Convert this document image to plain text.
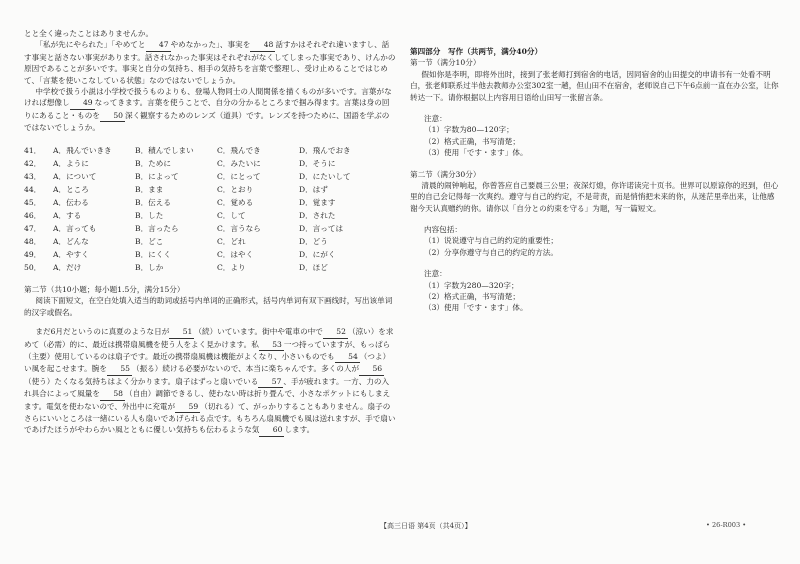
とと全く違ったことはありませんか。

「私が先にやられた」「やめてと 47 やめなかった」、事実を 48 話すかはそれぞれ違いますし、話す事実と話さない事実があります。話されなかった事実はそれぞれがなくしてしまった事実であり、けんかの原因であることが多いです。事実と自分の気持ち、相手の気持ちを言葉で整理し、受け止めることではじめて、「言葉を使いこなしている状態」なのではないでしょうか。

中学校で扱う小説は小学校で扱うものよりも、登場人物同士の人間関係を描くものが多いです。言葉がなければ想像し 49 なってきます。言葉を使うことで、自分の分かるところまで掴み得ます。言葉は身の回りにあること・ものを 50 深く観察するためのレンズ（道具）です。レンズを持つために、国語を学ぶのではないでしょうか。

41．	A．飛んでいきき	B．積んでしまい	C．飛んでき	D．飛んでおき
42．	A．ように	B．ために	C．みたいに	D．そうに
43．	A．について	B．によって	C．にとって	D．にたいして
44．	A．ところ	B．まま	C．とおり	D．はず
45．	A．伝わる	B．伝える	C．覚める	D．覚ます
46．	A．する	B．した	C．して	D．された
47．	A．言っても	B．言ったら	C．言うなら	D．言っては
48．	A．どんな	B．どこ	C．どれ	D．どう
49．	A．やすく	B．にくく	C．はやく	D．にがく
50．	A．だけ	B．しか	C．より	D．ほど

第二节（共10小题；每小题1.5分，满分15分）

阅读下面短文，在空白处填入适当的助词或括号内单词的正确形式，括号内单词有双下画线时，写出该单词的汉字或假名。

まだ6月だというのに真夏のような日が 51 （続）いています。街中や電車の中で 52 （涼い）を求めて（必需）的に、最近は携帯扇風機を使う人をよく見かけます。私 53 一つ持っていますが、もっぱら（主要）使用しているのは扇子です。最近の携帯扇風機は機能がよくなり、小さいものでも 54 （つよ）い風を起こせます。腕を 55 （振る）続ける必要がないので、本当に楽ちゃんです。多くの人が 56（使う）たくなる気持ちはよく分かります。扇子はずっと扇いでいる 57 、手が疲れます。一方、力の入れ具合によって風量を 58 （自由）調節できるし、使わない時は折り畳んで、小さなポケットにもしまえます。電気を使わないので、外出中に充電が 59 （切れる）て、がっかりすることもありません。扇子のさらにいいところは一緒にいる人も扇いであげられる点です。もちろん扇風機でも風は送れますが、手で扇いであげたほうがやわらかい風とともに優しい気持ちも伝わるような気 60 します。

第四部分　写作（共两节，满分40分）

第一节（满分10分）

假如你是李明，即将外出时，接到了张老师打到宿舍的电话，因同宿舍的山田提交的申请书有一处看不明白，张老师联系过半他去教师办公室302室一趟，但山田不在宿舍，老师说自己下午6点前一直在办公室，让你转达一下。请你根据以上内容用日语给山田写一张留言条。

注意：

（1）字数为80—120字；

（2）格式正确，书写清楚；

（3）使用「です・ます」体。

第二节（满分30分）

清晨的闹钟响起，你曾答应自己要晨三公里；夜深灯熄，你许诺读完十页书。世界可以原谅你的迟到，但心里的自己会记得每一次爽约。遵守与自己的约定，不是苛责，而是悄悄把未来的你，从迷茫里牵出来，让他感谢今天认真赠约的你。请你以「自分との約束を守る」为题，写一篇短文。

内容包括：

（1）说说遵守与自己的约定的重要性；

（2）分享你遵守与自己的约定的方法。

注意：

（1）字数为280—320字；

（2）格式正确，书写清楚；

（3）使用「です・ます」体。

【高三日语 第4页（共4页）】	• 26-R003 •
